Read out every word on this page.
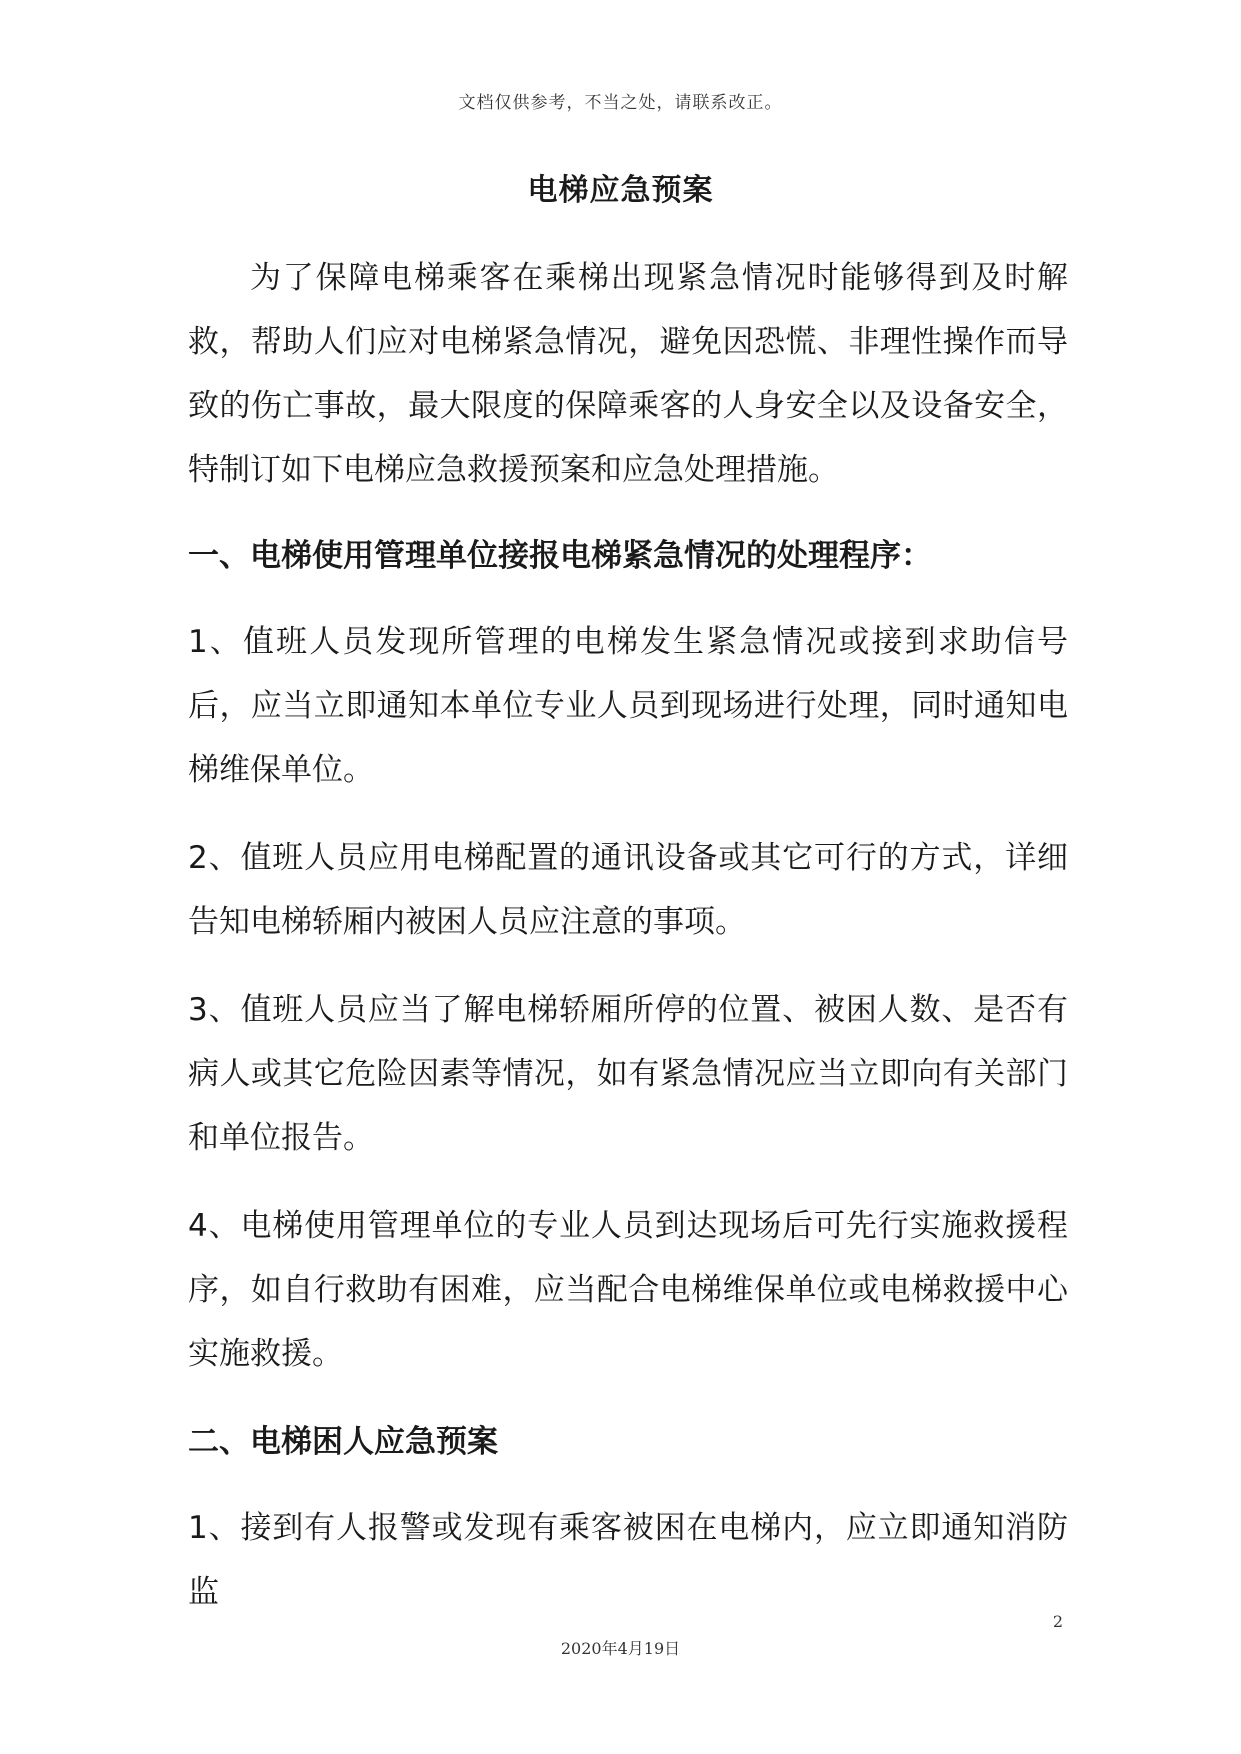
文档仅供参考，不当之处，请联系改正。
电梯应急预案

为了保障电梯乘客在乘梯出现紧急情况时能够得到及时解救，帮助人们应对电梯紧急情况，避免因恐慌、非理性操作而导致的伤亡事故，最大限度的保障乘客的人身安全以及设备安全，特制订如下电梯应急救援预案和应急处理措施。

一、电梯使用管理单位接报电梯紧急情况的处理程序：

1、值班人员发现所管理的电梯发生紧急情况或接到求助信号后，应当立即通知本单位专业人员到现场进行处理，同时通知电梯维保单位。

2、值班人员应用电梯配置的通讯设备或其它可行的方式，详细告知电梯轿厢内被困人员应注意的事项。

3、值班人员应当了解电梯轿厢所停的位置、被困人数、是否有病人或其它危险因素等情况，如有紧急情况应当立即向有关部门和单位报告。

4、电梯使用管理单位的专业人员到达现场后可先行实施救援程序，如自行救助有困难，应当配合电梯维保单位或电梯救援中心实施救援。

二、电梯困人应急预案

1、接到有人报警或发现有乘客被困在电梯内，应立即通知消防监

2
2020年4月19日
